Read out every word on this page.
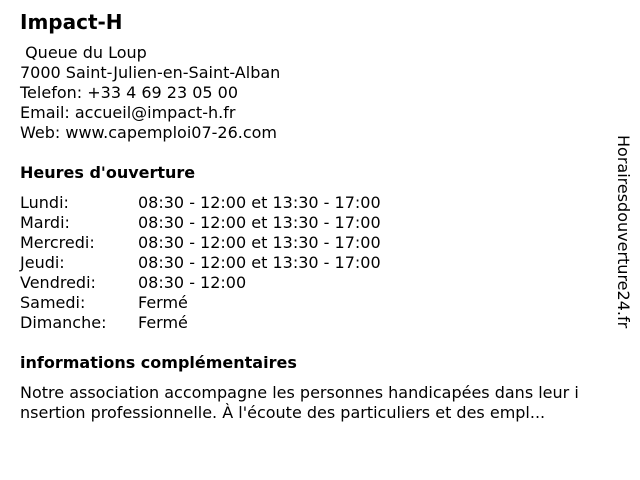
Impact-H
Queue du Loup
7000 Saint-Julien-en-Saint-Alban
Telefon: +33 4 69 23 05 00
Email: accueil@impact-h.fr
Web: www.capemploi07-26.com
Heures d'ouverture
Lundi:	08:30 - 12:00 et 13:30 - 17:00
Mardi:	08:30 - 12:00 et 13:30 - 17:00
Mercredi:	08:30 - 12:00 et 13:30 - 17:00
Jeudi:	08:30 - 12:00 et 13:30 - 17:00
Vendredi:	08:30 - 12:00
Samedi:	Fermé
Dimanche:	Fermé
informations complémentaires
Notre association accompagne les personnes handicapées dans leur i
nsertion professionnelle. À l'écoute des particuliers et des empl...
Horairesdouverture24.fr
